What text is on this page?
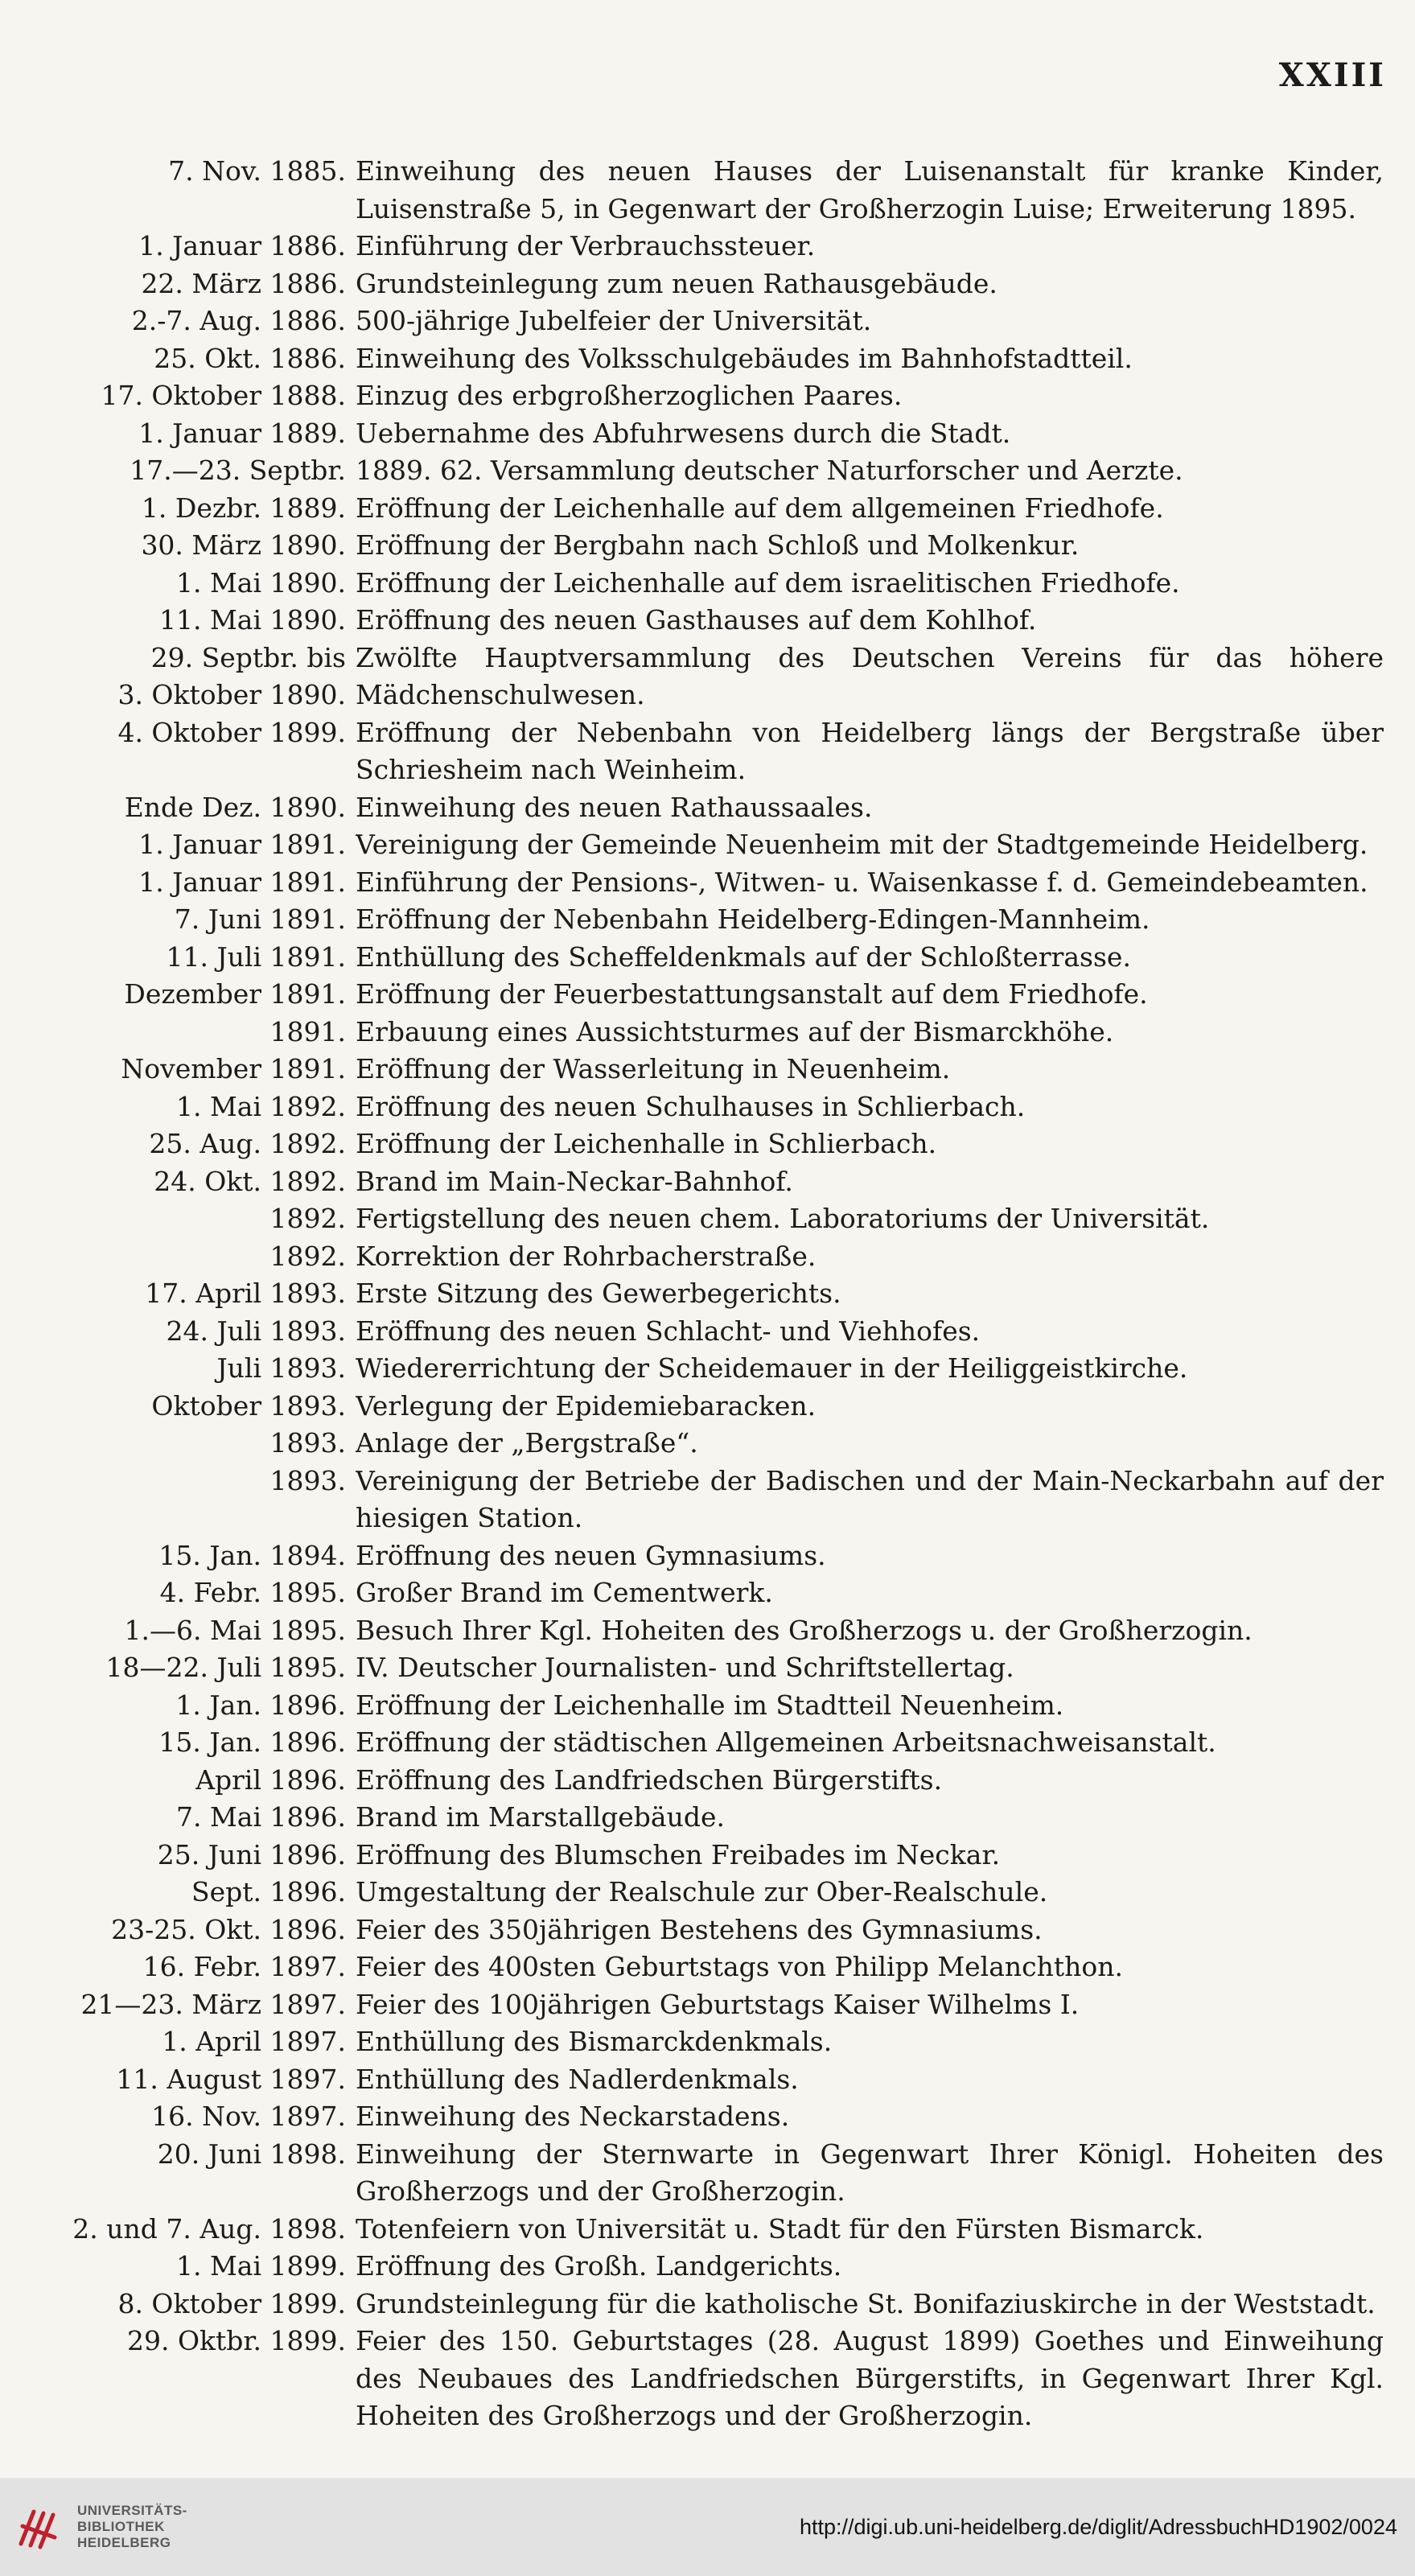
XXIII
7. Nov. 1885. Einweihung des neuen Hauses der Luisenanstalt für kranke Kinder, Luisenstraße 5, in Gegenwart der Großherzogin Luise; Erweiterung 1895.
1. Januar 1886. Einführung der Verbrauchssteuer.
22. März 1886. Grundsteinlegung zum neuen Rathausgebäude.
2.-7. Aug. 1886. 500-jährige Jubelfeier der Universität.
25. Okt. 1886. Einweihung des Volksschulgebäudes im Bahnhofstadtteil.
17. Oktober 1888. Einzug des erbgroßherzoglichen Paares.
1. Januar 1889. Uebernahme des Abfuhrwesens durch die Stadt.
17.—23. Septbr. 1889. 62. Versammlung deutscher Naturforscher und Aerzte.
1. Dezbr. 1889. Eröffnung der Leichenhalle auf dem allgemeinen Friedhofe.
30. März 1890. Eröffnung der Bergbahn nach Schloß und Molkenkur.
1. Mai 1890. Eröffnung der Leichenhalle auf dem israelitischen Friedhofe.
11. Mai 1890. Eröffnung des neuen Gasthauses auf dem Kohlhof.
29. Septbr. bis
3. Oktober 1890.
Zwölfte Hauptversammlung des Deutschen Vereins für das höhere Mädchenschulwesen.
4. Oktober 1899. Eröffnung der Nebenbahn von Heidelberg längs der Bergstraße über Schriesheim nach Weinheim.
Ende Dez. 1890. Einweihung des neuen Rathaussaales.
1. Januar 1891. Vereinigung der Gemeinde Neuenheim mit der Stadtgemeinde Heidelberg.
1. Januar 1891. Einführung der Pensions-, Witwen- u. Waisenkasse f. d. Gemeindebeamten.
7. Juni 1891. Eröffnung der Nebenbahn Heidelberg-Edingen-Mannheim.
11. Juli 1891. Enthüllung des Scheffeldenkmals auf der Schloßterrasse.
Dezember 1891. Eröffnung der Feuerbestattungsanstalt auf dem Friedhofe.
1891. Erbauung eines Aussichtsturmes auf der Bismarckhöhe.
November 1891. Eröffnung der Wasserleitung in Neuenheim.
1. Mai 1892. Eröffnung des neuen Schulhauses in Schlierbach.
25. Aug. 1892. Eröffnung der Leichenhalle in Schlierbach.
24. Okt. 1892. Brand im Main-Neckar-Bahnhof.
1892. Fertigstellung des neuen chem. Laboratoriums der Universität.
1892. Korrektion der Rohrbacherstraße.
17. April 1893. Erste Sitzung des Gewerbegerichts.
24. Juli 1893. Eröffnung des neuen Schlacht- und Viehhofes.
Juli 1893. Wiedererrichtung der Scheidemauer in der Heiliggeistkirche.
Oktober 1893. Verlegung der Epidemiebaracken.
1893. Anlage der „Bergstraße“.
1893. Vereinigung der Betriebe der Badischen und der Main-Neckarbahn auf der hiesigen Station.
15. Jan. 1894. Eröffnung des neuen Gymnasiums.
4. Febr. 1895. Großer Brand im Cementwerk.
1.—6. Mai 1895. Besuch Ihrer Kgl. Hoheiten des Großherzogs u. der Großherzogin.
18—22. Juli 1895. IV. Deutscher Journalisten- und Schriftstellertag.
1. Jan. 1896. Eröffnung der Leichenhalle im Stadtteil Neuenheim.
15. Jan. 1896. Eröffnung der städtischen Allgemeinen Arbeitsnachweisanstalt.
April 1896. Eröffnung des Landfriedschen Bürgerstifts.
7. Mai 1896. Brand im Marstallgebäude.
25. Juni 1896. Eröffnung des Blumschen Freibades im Neckar.
Sept. 1896. Umgestaltung der Realschule zur Ober-Realschule.
23-25. Okt. 1896. Feier des 350jährigen Bestehens des Gymnasiums.
16. Febr. 1897. Feier des 400sten Geburtstags von Philipp Melanchthon.
21—23. März 1897. Feier des 100jährigen Geburtstags Kaiser Wilhelms I.
1. April 1897. Enthüllung des Bismarckdenkmals.
11. August 1897. Enthüllung des Nadlerdenkmals.
16. Nov. 1897. Einweihung des Neckarstadens.
20. Juni 1898. Einweihung der Sternwarte in Gegenwart Ihrer Königl. Hoheiten des Großherzogs und der Großherzogin.
2. und 7. Aug. 1898. Totenfeiern von Universität u. Stadt für den Fürsten Bismarck.
1. Mai 1899. Eröffnung des Großh. Landgerichts.
8. Oktober 1899. Grundsteinlegung für die katholische St. Bonifaziuskirche in der Weststadt.
29. Oktbr. 1899. Feier des 150. Geburtstages (28. August 1899) Goethes und Einweihung des Neubaues des Landfriedschen Bürgerstifts, in Gegenwart Ihrer Kgl. Hoheiten des Großherzogs und der Großherzogin.
UNIVERSITÄTS-
BIBLIOTHEK
HEIDELBERG
http://digi.ub.uni-heidelberg.de/diglit/AdressbuchHD1902/0024
